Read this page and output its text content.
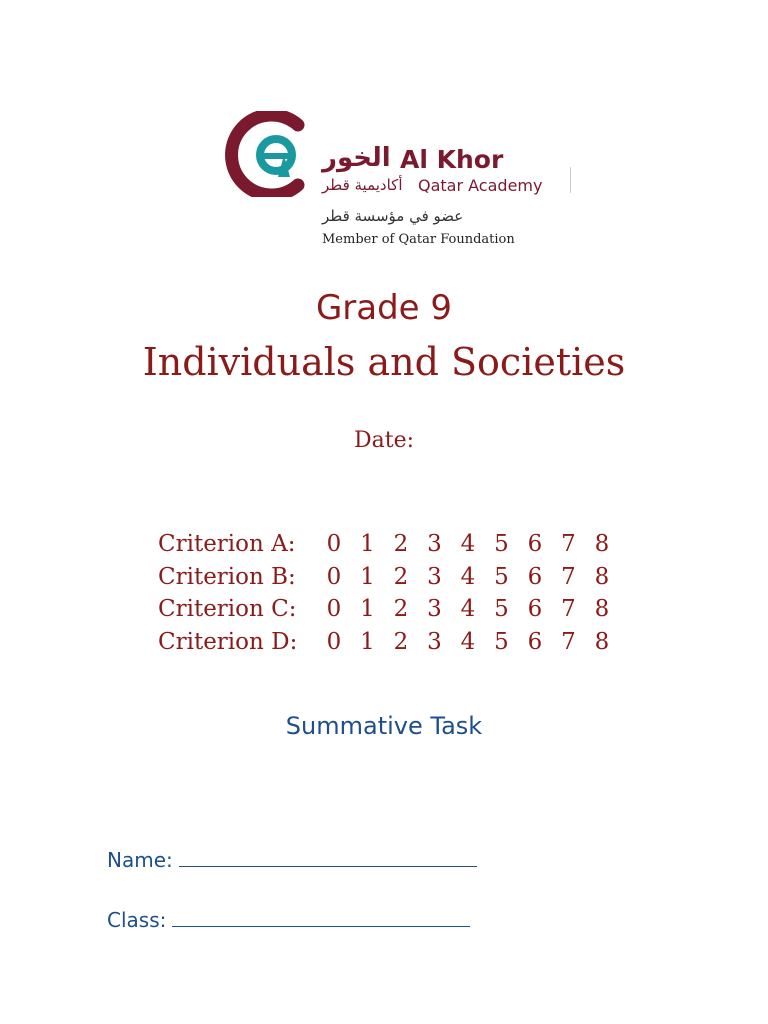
الخور Al Khor
أكاديمية قطر Qatar Academy
عضو في مؤسسة قطر
Member of Qatar Foundation
Grade 9
Individuals and Societies
Date:
Criterion A: 0 1 2 3 4 5 6 7 8
Criterion B: 0 1 2 3 4 5 6 7 8
Criterion C: 0 1 2 3 4 5 6 7 8
Criterion D: 0 1 2 3 4 5 6 7 8
Summative Task
Name:
Class:
